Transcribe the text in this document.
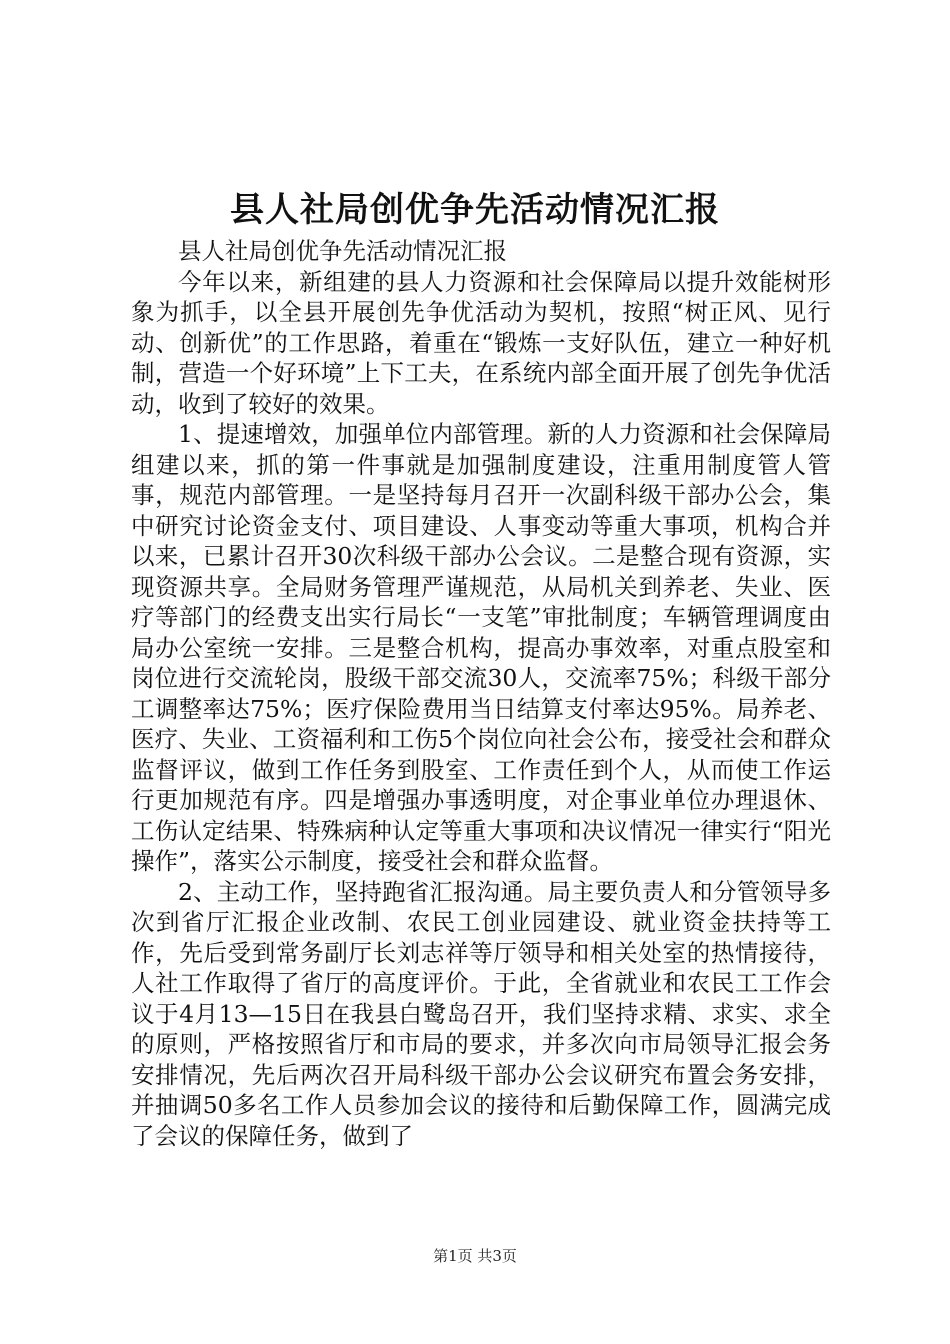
县人社局创优争先活动情况汇报

县人社局创优争先活动情况汇报

今年以来，新组建的县人力资源和社会保障局以提升效能树形象为抓手，以全县开展创先争优活动为契机，按照“树正风、见行动、创新优”的工作思路，着重在“锻炼一支好队伍，建立一种好机制，营造一个好环境”上下工夫，在系统内部全面开展了创先争优活动，收到了较好的效果。

1、提速增效，加强单位内部管理。新的人力资源和社会保障局组建以来，抓的第一件事就是加强制度建设，注重用制度管人管事，规范内部管理。一是坚持每月召开一次副科级干部办公会，集中研究讨论资金支付、项目建设、人事变动等重大事项，机构合并以来，已累计召开30次科级干部办公会议。二是整合现有资源，实现资源共享。全局财务管理严谨规范，从局机关到养老、失业、医疗等部门的经费支出实行局长“一支笔”审批制度；车辆管理调度由局办公室统一安排。三是整合机构，提高办事效率，对重点股室和岗位进行交流轮岗，股级干部交流30人，交流率75%；科级干部分工调整率达75%；医疗保险费用当日结算支付率达95%。局养老、医疗、失业、工资福利和工伤5个岗位向社会公布，接受社会和群众监督评议，做到工作任务到股室、工作责任到个人，从而使工作运行更加规范有序。四是增强办事透明度，对企事业单位办理退休、工伤认定结果、特殊病种认定等重大事项和决议情况一律实行“阳光操作”，落实公示制度，接受社会和群众监督。

2、主动工作，坚持跑省汇报沟通。局主要负责人和分管领导多次到省厅汇报企业改制、农民工创业园建设、就业资金扶持等工作，先后受到常务副厅长刘志祥等厅领导和相关处室的热情接待，人社工作取得了省厅的高度评价。于此，全省就业和农民工工作会议于4月13—15日在我县白鹭岛召开，我们坚持求精、求实、求全的原则，严格按照省厅和市局的要求，并多次向市局领导汇报会务安排情况，先后两次召开局科级干部办公会议研究布置会务安排，并抽调50多名工作人员参加会议的接待和后勤保障工作，圆满完成了会议的保障任务，做到了

第1页 共3页
